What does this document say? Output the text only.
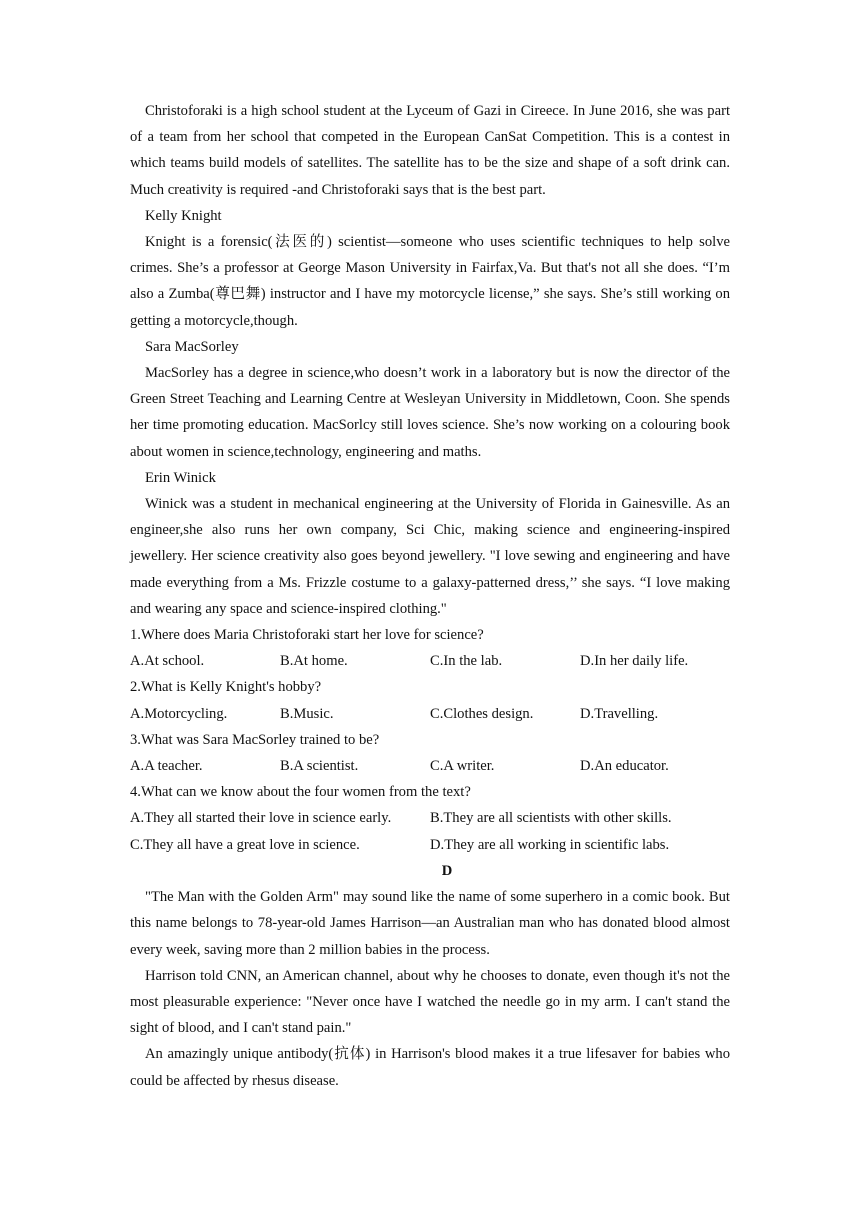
Christoforaki is a high school student at the Lyceum of Gazi in Cireece. In June 2016, she was part of a team from her school that competed in the European CanSat Competition. This is a contest in which teams build models of satellites. The satellite has to be the size and shape of a soft drink can. Much creativity is required -and Christoforaki says that is the best part.

Kelly Knight

Knight is a forensic(法医的) scientist—someone who uses scientific techniques to help solve crimes. She’s a professor at George Mason University in Fairfax,Va. But that's not all she does. “I’m also a Zumba(尊巴舞) instructor and I have my motorcycle license,” she says. She’s still working on getting a motorcycle,though.

Sara MacSorley

MacSorley has a degree in science,who doesn’t work in a laboratory but is now the director of the Green Street Teaching and Learning Centre at Wesleyan University in Middletown, Coon. She spends her time promoting education. MacSorlcy still loves science. She’s now working on a colouring book about women in science,technology, engineering and maths.

Erin Winick

Winick was a student in mechanical engineering at the University of Florida in Gainesville. As an engineer,she also runs her own company, Sci Chic, making science and engineering-inspired jewellery. Her science creativity also goes beyond jewellery. "I love sewing and engineering and have made everything from a Ms. Frizzle costume to a galaxy-patterned dress,’’ she says. “I love making and wearing any space and science-inspired clothing."

1.Where does Maria Christoforaki start her love for science?

A.At school.	B.At home.	C.In the lab.	D.In her daily life.

2.What is Kelly Knight's hobby?

A.Motorcycling.	B.Music.	C.Clothes design.	D.Travelling.

3.What was Sara MacSorley trained to be?

A.A teacher.	B.A scientist.	C.A writer.	D.An educator.

4.What can we know about the four women from the text?

A.They all started their love in science early.	B.They are all scientists with other skills.
C.They all have a great love in science.	D.They are all working in scientific labs.

D

"The Man with the Golden Arm" may sound like the name of some superhero in a comic book. But this name belongs to 78-year-old James Harrison—an Australian man who has donated blood almost every week, saving more than 2 million babies in the process.

Harrison told CNN, an American channel, about why he chooses to donate, even though it's not the most pleasurable experience: "Never once have I watched the needle go in my arm. I can't stand the sight of blood, and I can't stand pain."

An amazingly unique antibody(抗体) in Harrison's blood makes it a true lifesaver for babies who could be affected by rhesus disease.
